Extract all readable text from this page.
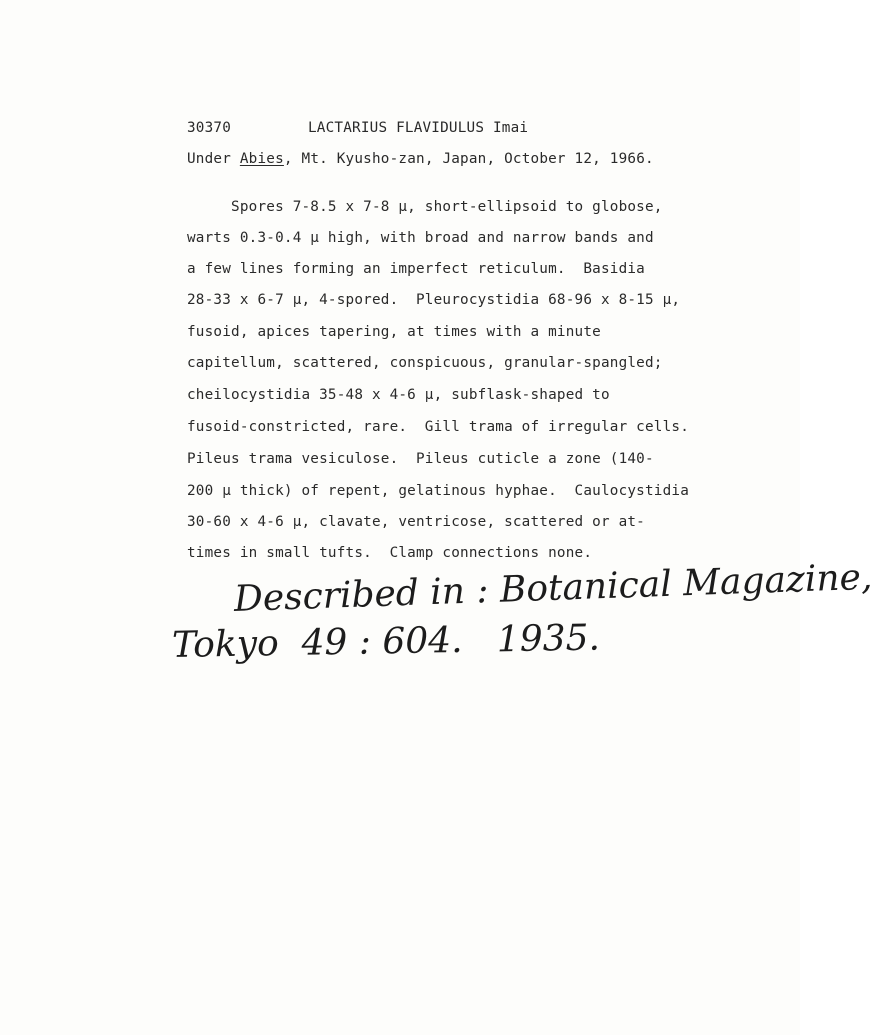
30370	LACTARIUS FLAVIDULUS Imai
Under Abies, Mt. Kyusho-zan, Japan, October 12, 1966.
Spores 7-8.5 x 7-8 µ, short-ellipsoid to globose,
warts 0.3-0.4 µ high, with broad and narrow bands and
a few lines forming an imperfect reticulum.  Basidia
28-33 x 6-7 µ, 4-spored.  Pleurocystidia 68-96 x 8-15 µ,
fusoid, apices tapering, at times with a minute
capitellum, scattered, conspicuous, granular-spangled;
cheilocystidia 35-48 x 4-6 µ, subflask-shaped to
fusoid-constricted, rare.  Gill trama of irregular cells.
Pileus trama vesiculose.  Pileus cuticle a zone (140-
200 µ thick) of repent, gelatinous hyphae.  Caulocystidia
30-60 x 4-6 µ, clavate, ventricose, scattered or at-
times in small tufts.  Clamp connections none.
Described in : Botanical Magazine,
Tokyo  49 : 604.   1935.
